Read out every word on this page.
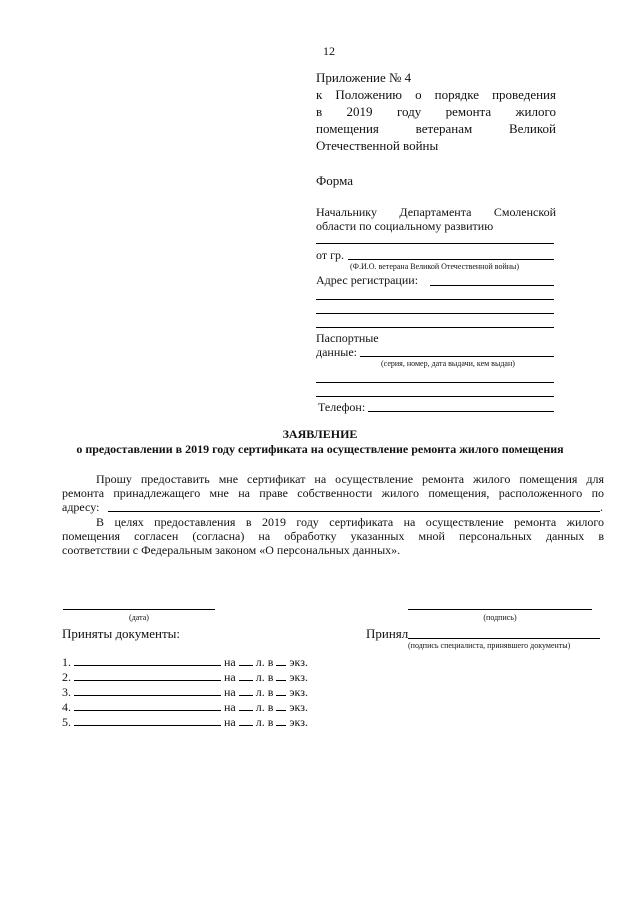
12
Приложение № 4
к Положению о порядке проведения
в 2019 году ремонта жилого
помещения ветеранам Великой
Отечественной войны
Форма
Начальнику Департамента Смоленской
области по социальному развитию
от гр.
(Ф.И.О. ветерана Великой Отечественной войны)
Адрес регистрации:
Паспортные
данные:
(серия, номер, дата выдачи, кем выдан)
Телефон:
ЗАЯВЛЕНИЕ
о предоставлении в 2019 году сертификата на осуществление ремонта жилого помещения
Прошу предоставить мне сертификат на осуществление ремонта жилого помещения для
ремонта принадлежащего мне на праве собственности жилого помещения, расположенного по
адресу:	.
В целях предоставления в 2019 году сертификата на осуществление ремонта жилого
помещения согласен (согласна) на обработку указанных мной персональных данных в
соответствии с Федеральным законом «О персональных данных».
(дата)	(подпись)
Приняты документы:	Принял
(подпись специалиста, принявшего документы)
1.	на л. в экз.
2.	на л. в экз.
3.	на л. в экз.
4.	на л. в экз.
5.	на л. в экз.
